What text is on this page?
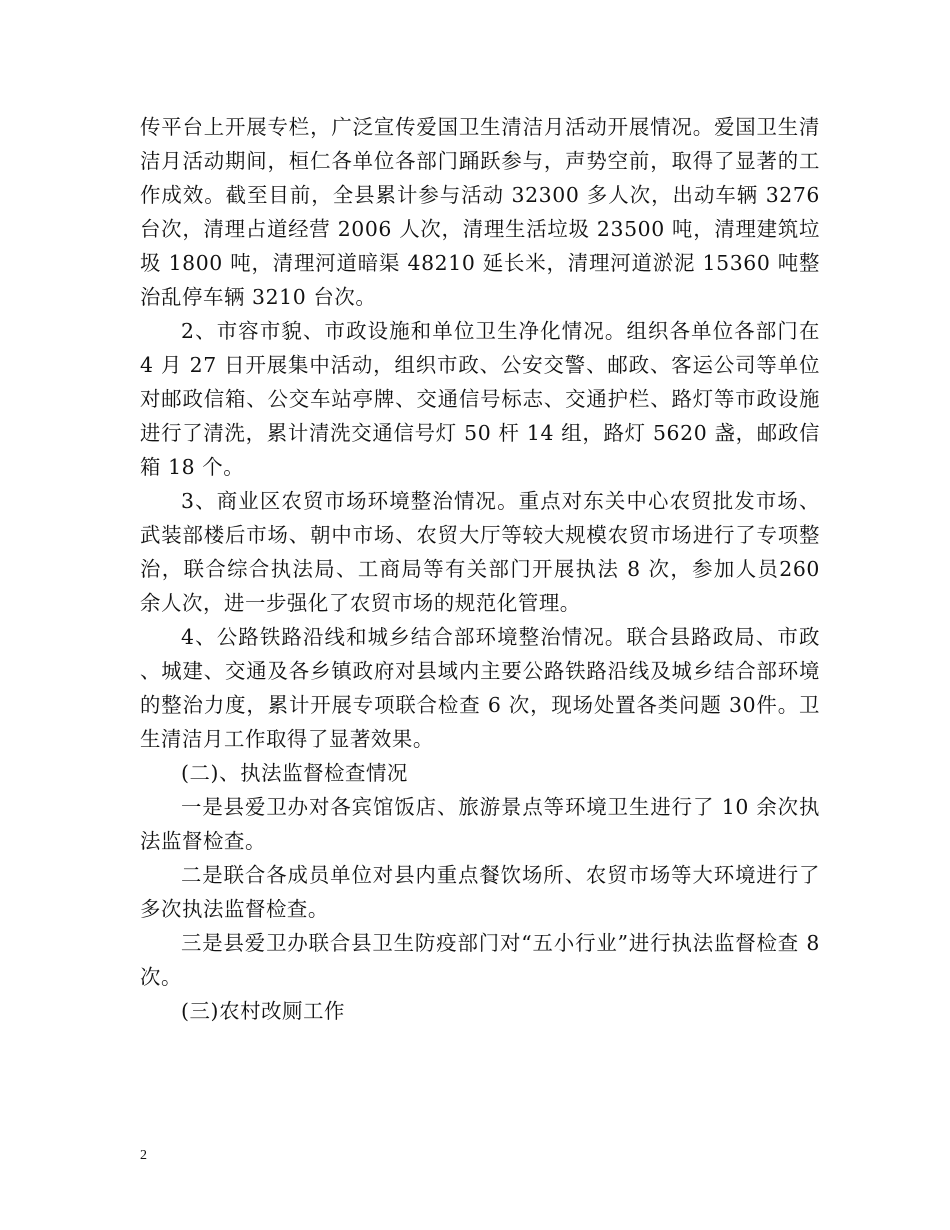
传平台上开展专栏，广泛宣传爱国卫生清洁月活动开展情况。爱国卫生清洁月活动期间，桓仁各单位各部门踊跃参与，声势空前，取得了显著的工作成效。截至目前，全县累计参与活动 32300 多人次，出动车辆 3276 台次，清理占道经营 2006 人次，清理生活垃圾 23500 吨，清理建筑垃圾 1800 吨，清理河道暗渠 48210 延长米，清理河道淤泥 15360 吨整治乱停车辆 3210 台次。

2、市容市貌、市政设施和单位卫生净化情况。组织各单位各部门在 4 月 27 日开展集中活动，组织市政、公安交警、邮政、客运公司等单位对邮政信箱、公交车站亭牌、交通信号标志、交通护栏、路灯等市政设施进行了清洗，累计清洗交通信号灯 50 杆 14 组，路灯 5620 盏，邮政信箱 18 个。

3、商业区农贸市场环境整治情况。重点对东关中心农贸批发市场、武装部楼后市场、朝中市场、农贸大厅等较大规模农贸市场进行了专项整治，联合综合执法局、工商局等有关部门开展执法 8 次，参加人员260 余人次，进一步强化了农贸市场的规范化管理。

4、公路铁路沿线和城乡结合部环境整治情况。联合县路政局、市政、城建、交通及各乡镇政府对县域内主要公路铁路沿线及城乡结合部环境的整治力度，累计开展专项联合检查 6 次，现场处置各类问题 30件。卫生清洁月工作取得了显著效果。

(二)、执法监督检查情况

一是县爱卫办对各宾馆饭店、旅游景点等环境卫生进行了 10 余次执法监督检查。

二是联合各成员单位对县内重点餐饮场所、农贸市场等大环境进行了多次执法监督检查。

三是县爱卫办联合县卫生防疫部门对“五小行业”进行执法监督检查 8 次。

(三)农村改厕工作

2
